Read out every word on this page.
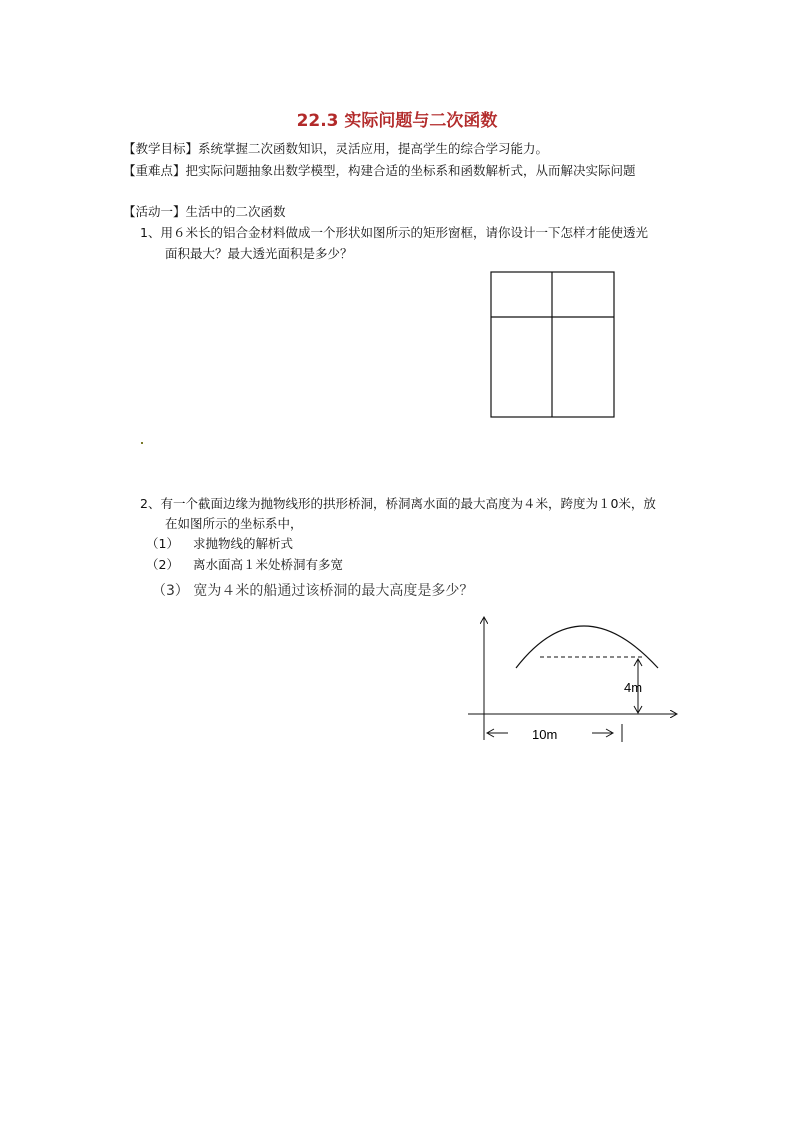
22.3 实际问题与二次函数
【教学目标】系统掌握二次函数知识，灵活应用，提高学生的综合学习能力。
【重难点】把实际问题抽象出数学模型，构建合适的坐标系和函数解析式，从而解决实际问题
【活动一】生活中的二次函数
1、用６米长的铝合金材料做成一个形状如图所示的矩形窗框，请你设计一下怎样才能使透光
面积最大？最大透光面积是多少？
2、有一个截面边缘为抛物线形的拱形桥洞，桥洞离水面的最大高度为４米，跨度为１0米，放
在如图所示的坐标系中，
（1） 求抛物线的解析式
（2） 离水面高１米处桥洞有多宽
（3） 宽为４米的船通过该桥洞的最大高度是多少？
4m
10m
